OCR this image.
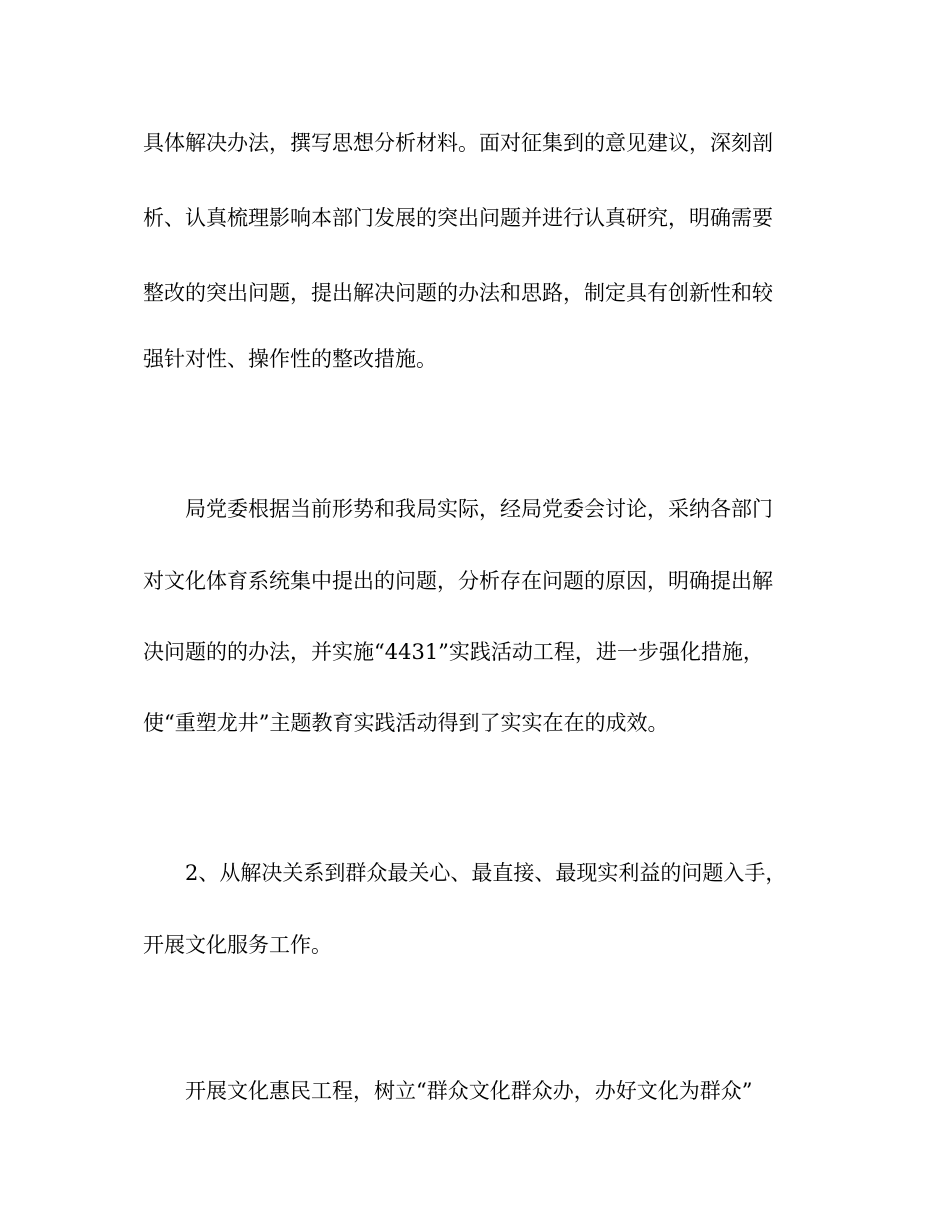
具体解决办法，撰写思想分析材料。面对征集到的意见建议，深刻剖
析、认真梳理影响本部门发展的突出问题并进行认真研究，明确需要
整改的突出问题，提出解决问题的办法和思路，制定具有创新性和较
强针对性、操作性的整改措施。
局党委根据当前形势和我局实际，经局党委会讨论，采纳各部门
对文化体育系统集中提出的问题，分析存在问题的原因，明确提出解
决问题的的办法，并实施“4431”实践活动工程，进一步强化措施，
使“重塑龙井”主题教育实践活动得到了实实在在的成效。
2、从解决关系到群众最关心、最直接、最现实利益的问题入手，
开展文化服务工作。
开展文化惠民工程，树立“群众文化群众办，办好文化为群众”
